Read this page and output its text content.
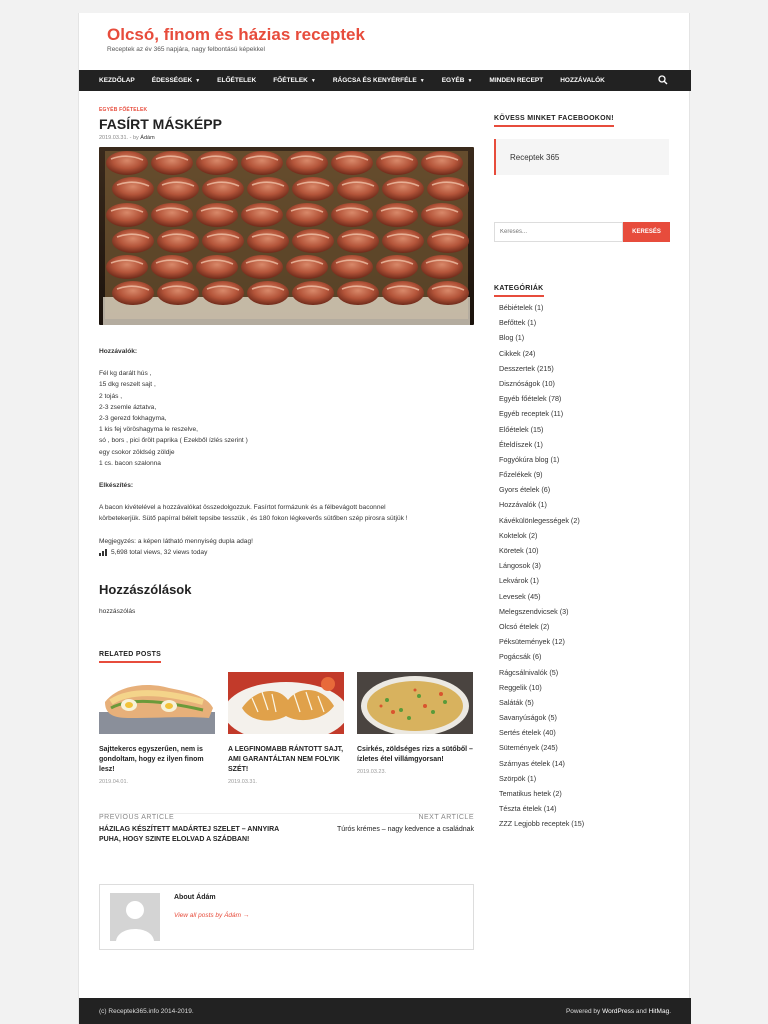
Olcsó, finom és házias receptek
Receptek az év 365 napjára, nagy felbontású képekkel
KEZDŐLAP	ÉDESSÉGEK ▼	ELŐÉTELEK	FŐÉTELEK ▼	RÁGCSA ÉS KENYÉRFÉLE ▼	EGYÉB ▼	MINDEN RECEPT	HOZZÁVALÓK
EGYÉB FŐÉTELEK
FASÍRT MÁSKÉPP
2019.03.31. - by Ádám
Hozzávalók:
Fél kg darált hús ,
15 dkg reszelt sajt ,
2 tojás ,
2-3 zsemle áztatva,
2-3 gerezd fokhagyma,
1 kis fej vöröshagyma le reszelve,
só , bors , pici őrölt paprika ( Ezekből ízlés szerint )
egy csokor zöldség zöldje
1 cs. bacon szalonna
Elkészítés:
A bacon kivételével a hozzávalókat összedolgozzuk. Fasírtot formázunk és a félbevágott baconnel
körbetekerjük. Sütő papírral bélelt tepsibe tesszük , és 180 fokon légkeverős sütőben szép pirosra sütjük !
Megjegyzés: a képen látható mennyiség dupla adag!
5,698 total views, 32 views today
Hozzászólások
hozzászólás
RELATED POSTS
Sajttekercs egyszerűen, nem is gondoltam, hogy ez ilyen finom lesz!
2019.04.01.
A LEGFINOMABB RÁNTOTT SAJT, AMI GARANTÁLTAN NEM FOLYIK SZÉT!
2019.03.31.
Csirkés, zöldséges rizs a sütőből – ízletes étel villámgyorsan!
2019.03.23.
PREVIOUS ARTICLE
HÁZILAG KÉSZÍTETT MADÁRTEJ SZELET – ANNYIRA PUHA, HOGY SZINTE ELOLVAD A SZÁDBAN!
NEXT ARTICLE
Túrós krémes – nagy kedvence a családnak
About Ádám
View all posts by Ádám →
KÖVESS MINKET FACEBOOKON!
Receptek 365
Keresés...
KERESÉS
KATEGÓRIÁK
Bébiételek (1)
Befőttek (1)
Blog (1)
Cikkek (24)
Desszertek (215)
Disznóságok (10)
Egyéb főételek (78)
Egyéb receptek (11)
Előételek (15)
Ételdíszek (1)
Fogyókúra blog (1)
Főzelékek (9)
Gyors ételek (6)
Hozzávalók (1)
Kávékülönlegességek (2)
Koktelok (2)
Köretek (10)
Lángosok (3)
Lekvárok (1)
Levesek (45)
Melegszendvicsek (3)
Olcsó ételek (2)
Péksütemények (12)
Pogácsák (6)
Rágcsálnivalók (5)
Reggelik (10)
Saláták (5)
Savanyúságok (5)
Sertés ételek (40)
Sütemények (245)
Szárnyas ételek (14)
Szörpök (1)
Tematikus hetek (2)
Tészta ételek (14)
ZZZ Legjobb receptek (15)
(c) Receptek365.info 2014-2019.	Powered by WordPress and HitMag.
